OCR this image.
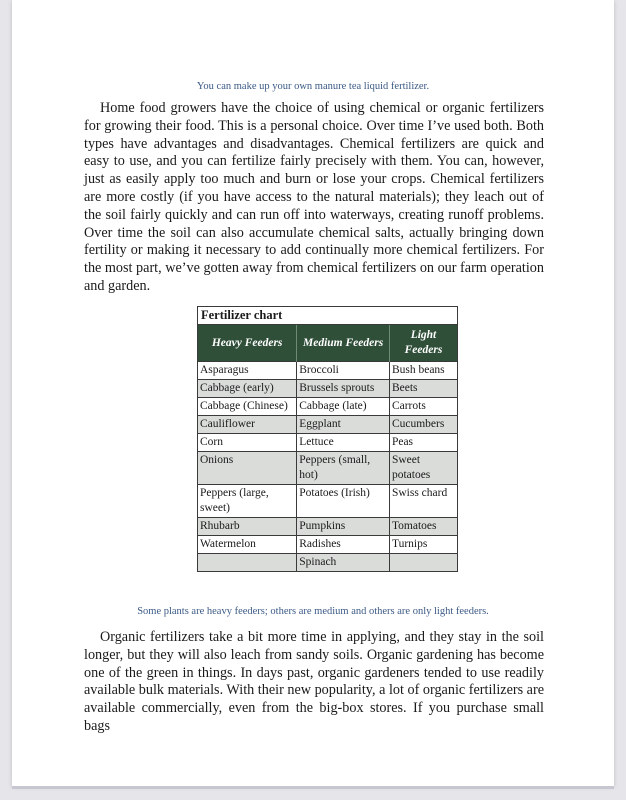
You can make up your own manure tea liquid fertilizer.

Home food growers have the choice of using chemical or organic fertilizers for growing their food. This is a personal choice. Over time I’ve used both. Both types have advantages and disadvantages. Chemical fertilizers are quick and easy to use, and you can fertilize fairly precisely with them. You can, however, just as easily apply too much and burn or lose your crops. Chemical fertilizers are more costly (if you have access to the natural materials); they leach out of the soil fairly quickly and can run off into waterways, creating runoff problems. Over time the soil can also accumulate chemical salts, actually bringing down fertility or making it necessary to add continually more chemical fertilizers. For the most part, we’ve gotten away from chemical fertilizers on our farm operation and garden.

Fertilizer chart
Heavy Feeders	Medium Feeders	Light Feeders
Asparagus	Broccoli	Bush beans
Cabbage (early)	Brussels sprouts	Beets
Cabbage (Chinese)	Cabbage (late)	Carrots
Cauliflower	Eggplant	Cucumbers
Corn	Lettuce	Peas
Onions	Peppers (small, hot)	Sweet potatoes
Peppers (large, sweet)	Potatoes (Irish)	Swiss chard
Rhubarb	Pumpkins	Tomatoes
Watermelon	Radishes	Turnips
	Spinach	

Some plants are heavy feeders; others are medium and others are only light feeders.

Organic fertilizers take a bit more time in applying, and they stay in the soil longer, but they will also leach from sandy soils. Organic gardening has become one of the green in things. In days past, organic gardeners tended to use readily available bulk materials. With their new popularity, a lot of organic fertilizers are available commercially, even from the big-box stores. If you purchase small bags
